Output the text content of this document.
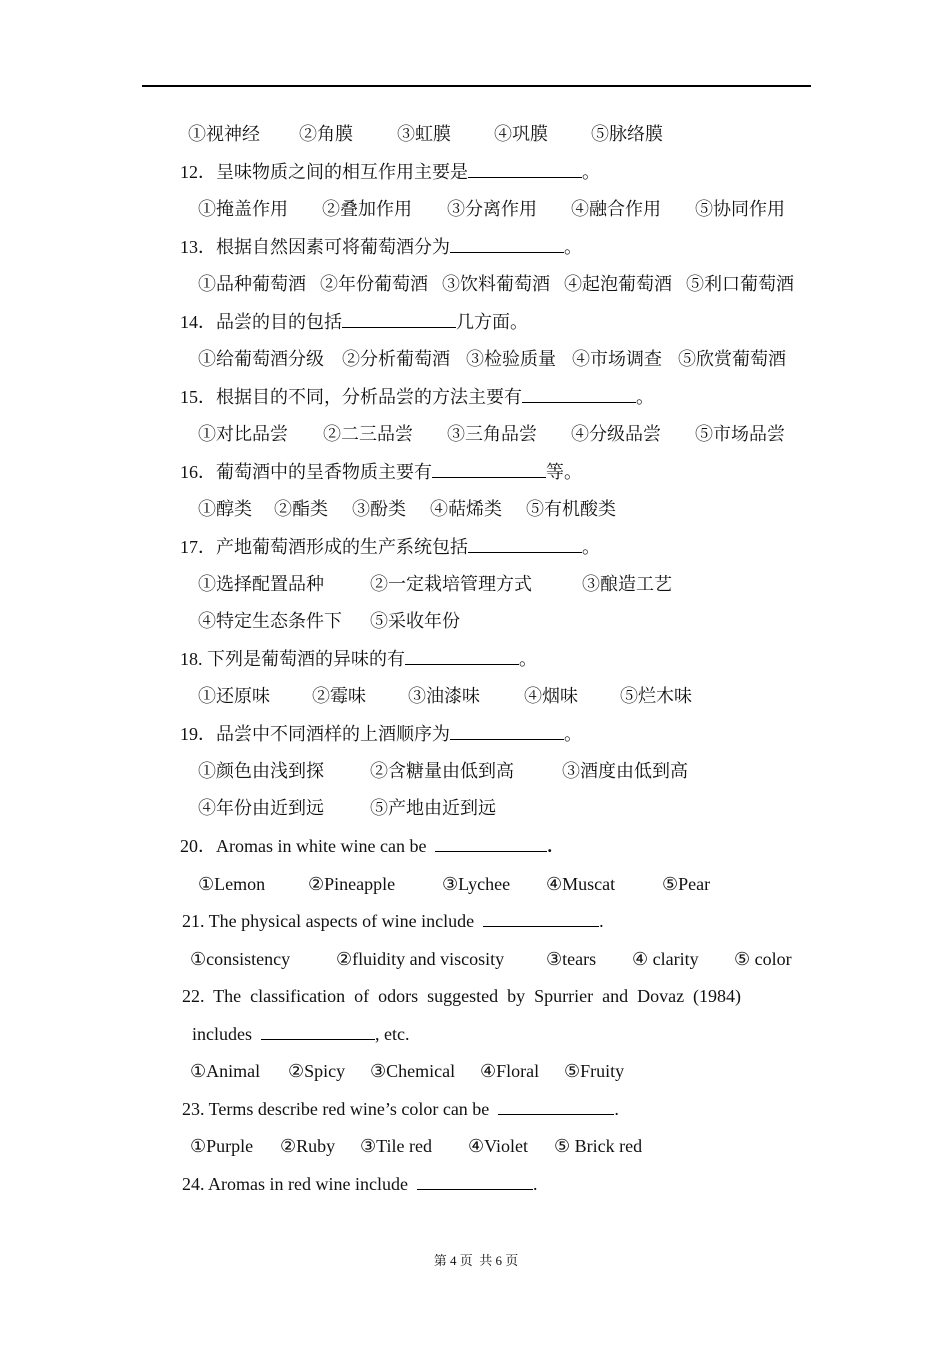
①视神经 ②角膜 ③虹膜 ④巩膜 ⑤脉络膜
12．呈味物质之间的相互作用主要是	。
①掩盖作用 ②叠加作用 ③分离作用 ④融合作用 ⑤协同作用
13．根据自然因素可将葡萄酒分为	。
①品种葡萄酒 ②年份葡萄酒 ③饮料葡萄酒 ④起泡葡萄酒 ⑤利口葡萄酒
14．品尝的目的包括	几方面。
①给葡萄酒分级 ②分析葡萄酒 ③检验质量 ④市场调查 ⑤欣赏葡萄酒
15．根据目的不同，分析品尝的方法主要有	。
①对比品尝 ②二三品尝 ③三角品尝 ④分级品尝 ⑤市场品尝
16．葡萄酒中的呈香物质主要有	等。
①醇类 ②酯类 ③酚类 ④萜烯类 ⑤有机酸类
17．产地葡萄酒形成的生产系统包括	。
①选择配置品种	②一定栽培管理方式	③酿造工艺
④特定生态条件下 ⑤采收年份
18. 下列是葡萄酒的异味的有	。
①还原味 ②霉味 ③油漆味 ④烟味 ⑤烂木味
19．品尝中不同酒样的上酒顺序为	。
①颜色由浅到探	②含糖量由低到高	③酒度由低到高
④年份由近到远	⑤产地由近到远
20．Aromas in white wine can be	.
①Lemon ②Pineapple	③Lychee ④Muscat	⑤Pear
21. The physical aspects of wine include	.
①consistency	②fluidity and viscosity ③tears ④ clarity ⑤ color
22.  The  classification  of  odors  suggested  by  Spurrier  and  Dovaz  (1984)
includes	, etc.
①Animal ②Spicy ③Chemical ④Floral ⑤Fruity
23. Terms describe red wine’s color can be	.
①Purple ②Ruby ③Tile red ④Violet ⑤ Brick red
24. Aromas in red wine include	.
第 4 页  共 6 页
